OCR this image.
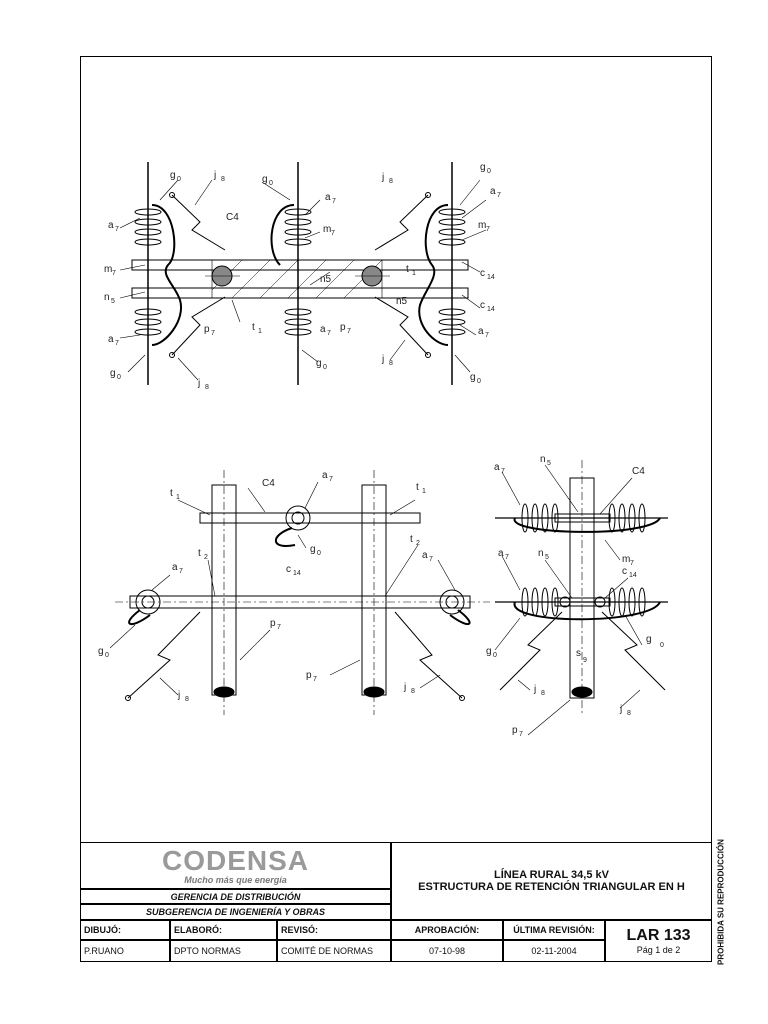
g 0	j 8
a 7
C4
m 7
n 5
a 7
g 0
j 8
p 7
t 1
g 0
a 7
m 7
n5
a 7
p 7
g 0
j 8
t 1
n5
j 8
g 0
a 7
m 7
c 14
c 14
a 7
g 0
t 1
C4
a 7
t 1
g 0
t 2
t 2
a 7	c 14
a 7
p 7
g 0
p 7
j 8
j 8
a 7
n 5
C4
m 7
a 7	n 5
c 14
g
0
g 0	s
9
j 8
j 8
p 7
CODENSA
Mucho más que energía
GERENCIA DE DISTRIBUCIÓN
SUBGERENCIA DE INGENIERÍA Y OBRAS
LÍNEA RURAL 34,5 kV
ESTRUCTURA DE RETENCIÓN TRIANGULAR EN H
DIBUJÓ:	ELABORÓ:	REVISÓ:	APROBACIÓN:	ÚLTIMA REVISIÓN:
P.RUANO	DPTO NORMAS	COMITÉ DE NORMAS	07-10-98	02-11-2004
LAR 133
Pág 1 de 2	PROHIBIDA SU REPRODUCCIÓN
